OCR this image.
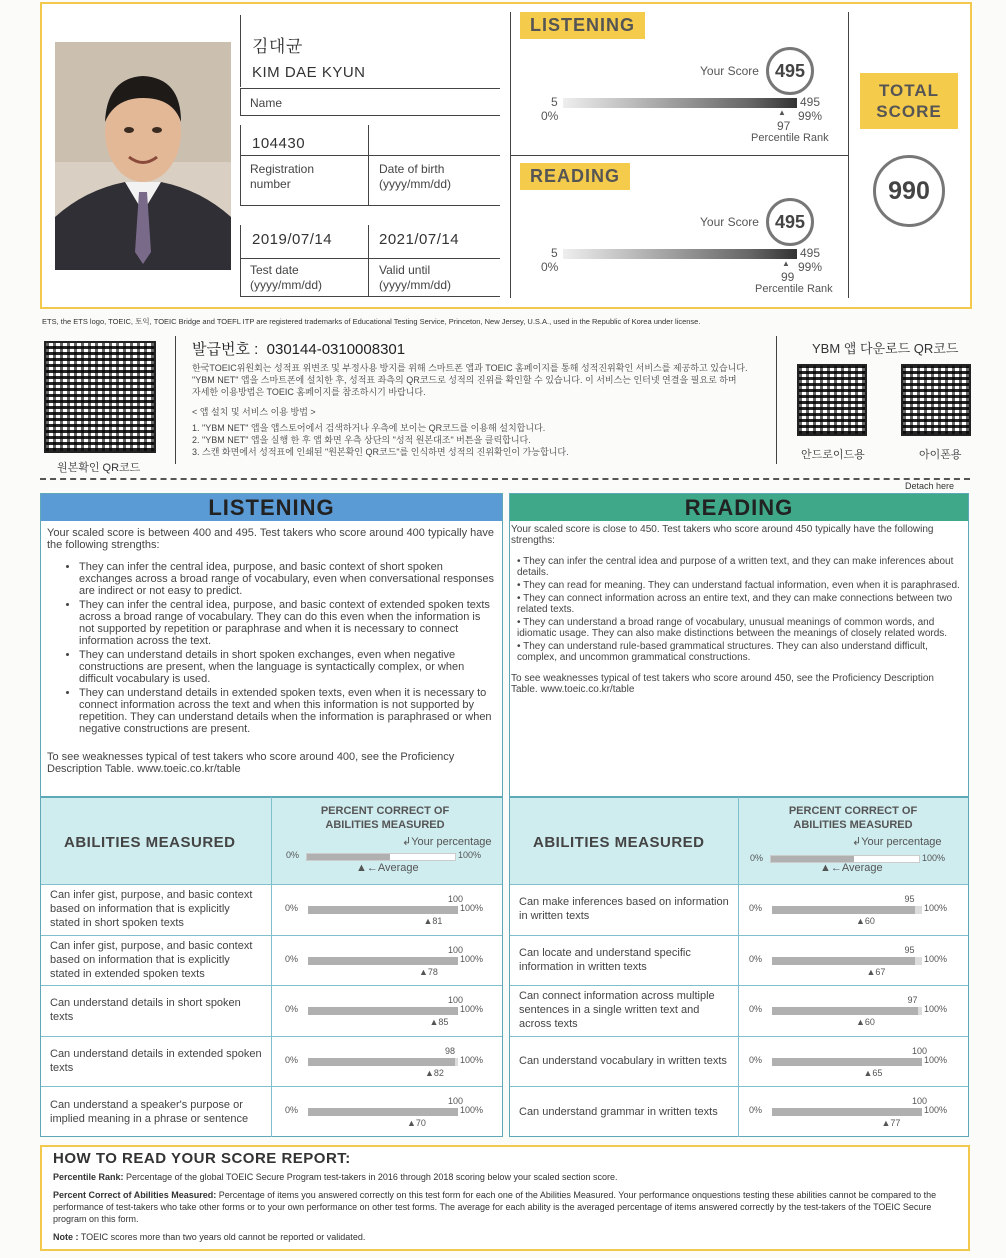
김대균
KIM DAE KYUN
Name
104430
Registration
number
Date of birth
(yyyy/mm/dd)
2019/07/14	2021/07/14
Test date
(yyyy/mm/dd)
Valid until
(yyyy/mm/dd)
LISTENING
Your Score 495
5
0%
495
99%
▲
97
Percentile Rank
READING
Your Score 495
5
0%
495
99%
▲
99
Percentile Rank
TOTAL
SCORE
990
ETS, the ETS logo, TOEIC, 토익, TOEIC Bridge and TOEFL ITP are registered trademarks of Educational Testing Service, Princeton, New Jersey, U.S.A., used in the Republic of Korea under license.
원본확인 QR코드
발급번호 : 030144-0310008301
한국TOEIC위원회는 성적표 위변조 및 부정사용 방지를 위해 스마트폰 앱과 TOEIC 홈페이지를 통해 성적진위확인 서비스를 제공하고 있습니다.
"YBM NET" 앱을 스마트폰에 설치한 후, 성적표 좌측의 QR코드로 성적의 진위를 확인할 수 있습니다. 이 서비스는 인터넷 연결을 필요로 하며
자세한 이용방법은 TOEIC 홈페이지를 참조하시기 바랍니다.
< 앱 설치 및 서비스 이용 방법 >
1. "YBM NET" 앱을 앱스토어에서 검색하거나 우측에 보이는 QR코드를 이용해 설치합니다.
2. "YBM NET" 앱을 실행 한 후 앱 화면 우측 상단의 "성적 원본대조" 버튼을 클릭합니다.
3. 스캔 화면에서 성적표에 인쇄된 "원본확인 QR코드"를 인식하면 성적의 진위확인이 가능합니다.
YBM 앱 다운로드 QR코드
안드로이드용	아이폰용
Detach here
LISTENING
Your scaled score is between 400 and 495. Test takers who score around 400 typically have the following strengths:
• They can infer the central idea, purpose, and basic context of short spoken exchanges across a broad range of vocabulary, even when conversational responses are indirect or not easy to predict.
• They can infer the central idea, purpose, and basic context of extended spoken texts across a broad range of vocabulary. They can do this even when the information is not supported by repetition or paraphrase and when it is necessary to connect information across the text.
• They can understand details in short spoken exchanges, even when negative constructions are present, when the language is syntactically complex, or when difficult vocabulary is used.
• They can understand details in extended spoken texts, even when it is necessary to connect information across the text and when this information is not supported by repetition. They can understand details when the information is paraphrased or when negative constructions are present.
To see weaknesses typical of test takers who score around 400, see the Proficiency Description Table. www.toeic.co.kr/table
READING
Your scaled score is close to 450. Test takers who score around 450 typically have the following strengths:
• They can infer the central idea and purpose of a written text, and they can make inferences about details.
• They can read for meaning. They can understand factual information, even when it is paraphrased.
• They can connect information across an entire text, and they can make connections between two related texts.
• They can understand a broad range of vocabulary, unusual meanings of common words, and idiomatic usage. They can also make distinctions between the meanings of closely related words.
• They can understand rule-based grammatical structures. They can also understand difficult, complex, and uncommon grammatical constructions.
To see weaknesses typical of test takers who score around 450, see the Proficiency Description Table. www.toeic.co.kr/table
ABILITIES MEASURED
PERCENT CORRECT OF
ABILITIES MEASURED
↲Your percentage
0%	100%
▲←Average
Can infer gist, purpose, and basic context based on information that is explicitly stated in short spoken texts
0%	100%
100
▲81
Can infer gist, purpose, and basic context based on information that is explicitly stated in extended spoken texts
0%	100%
100
▲78
Can understand details in short spoken texts
0%	100%
100
▲85
Can understand details in extended spoken texts
0%	100%
98
▲82
Can understand a speaker's purpose or implied meaning in a phrase or sentence
0%	100%
100
▲70
ABILITIES MEASURED
PERCENT CORRECT OF
ABILITIES MEASURED
↲Your percentage
0%	100%
▲←Average
Can make inferences based on information in written texts
0%	100%
95
▲60
Can locate and understand specific information in written texts
0%	100%
95
▲67
Can connect information across multiple sentences in a single written text and across texts
0%	100%
97
▲60
Can understand vocabulary in written texts 0%	100%
100
▲65
Can understand grammar in written texts	0%	100%
100
▲77
HOW TO READ YOUR SCORE REPORT:
Percentile Rank: Percentage of the global TOEIC Secure Program test-takers in 2016 through 2018 scoring below your scaled section score.
Percent Correct of Abilities Measured: Percentage of items you answered correctly on this test form for each one of the Abilities Measured. Your performance onquestions testing these abilities cannot be compared to the performance of test-takers who take other forms or to your own performance on other test forms. The average for each ability is the averaged percentage of items answered correctly by the test-takers of the TOEIC Secure program on this form.
Note : TOEIC scores more than two years old cannot be reported or validated.
